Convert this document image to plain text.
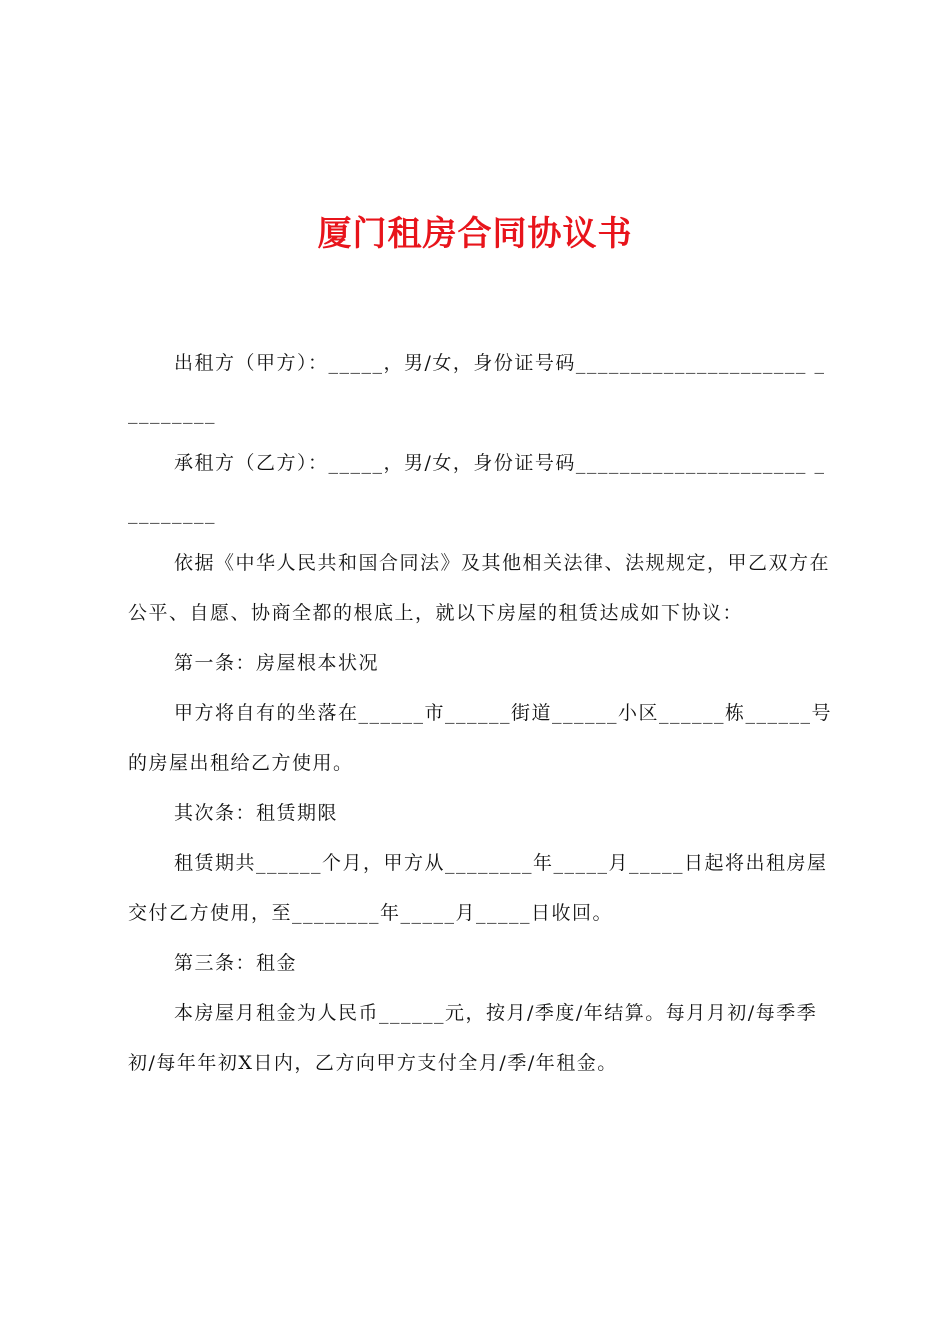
厦门租房合同协议书

出租方（甲方）：_____，男/女，身份证号码_____________________ _________

承租方（乙方）：_____，男/女，身份证号码_____________________ _________

依据《中华人民共和国合同法》及其他相关法律、法规规定，甲乙双方在公平、自愿、协商全都的根底上，就以下房屋的租赁达成如下协议：

第一条：房屋根本状况

甲方将自有的坐落在______市______街道______小区______栋______号的房屋出租给乙方使用。

其次条：租赁期限

租赁期共______个月，甲方从________年_____月_____日起将出租房屋交付乙方使用，至________年_____月_____日收回。

第三条：租金

本房屋月租金为人民币______元，按月/季度/年结算。每月月初/每季季初/每年年初X日内，乙方向甲方支付全月/季/年租金。
